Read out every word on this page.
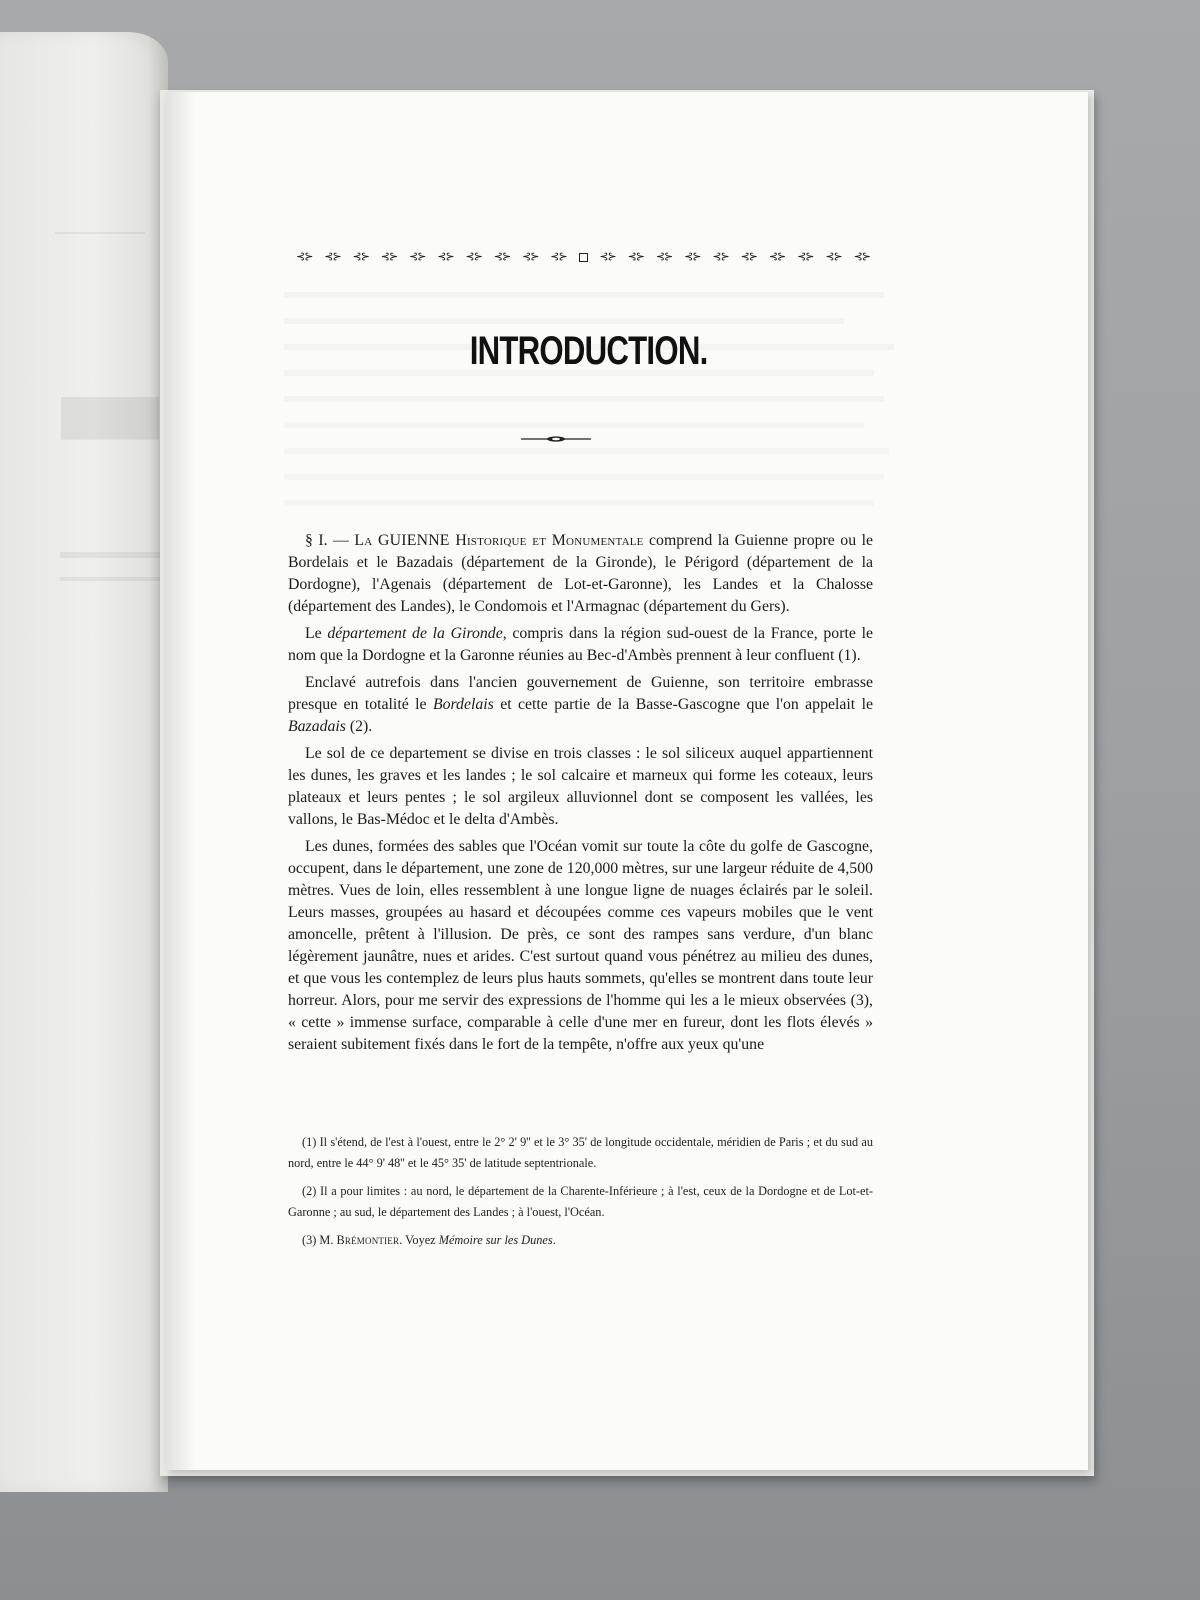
▇▇▇
⊰⊱ ⊰⊱ ⊰⊱ ⊰⊱ ⊰⊱ ⊰⊱ ⊰⊱ ⊰⊱ ⊰⊱ ⊰⊱	⊰⊱ ⊰⊱ ⊰⊱ ⊰⊱ ⊰⊱ ⊰⊱ ⊰⊱ ⊰⊱ ⊰⊱ ⊰⊱
INTRODUCTION.

§ I. — La GUIENNE Historique et Monumentale comprend la Guienne propre ou le Bordelais et le Bazadais (département de la Gironde), le Périgord (département de la Dordogne), l'Agenais (département de Lot-et-Garonne), les Landes et la Chalosse (département des Landes), le Condomois et l'Armagnac (département du Gers).

Le département de la Gironde, compris dans la région sud-ouest de la France, porte le nom que la Dordogne et la Garonne réunies au Bec-d'Ambès prennent à leur confluent (1).

Enclavé autrefois dans l'ancien gouvernement de Guienne, son territoire embrasse presque en totalité le Bordelais et cette partie de la Basse-Gascogne que l'on appelait le Bazadais (2).

Le sol de ce departement se divise en trois classes : le sol siliceux auquel appartiennent les dunes, les graves et les landes ; le sol calcaire et marneux qui forme les coteaux, leurs plateaux et leurs pentes ; le sol argileux alluvionnel dont se composent les vallées, les vallons, le Bas-Médoc et le delta d'Ambès.

Les dunes, formées des sables que l'Océan vomit sur toute la côte du golfe de Gascogne, occupent, dans le département, une zone de 120,000 mètres, sur une largeur réduite de 4,500 mètres. Vues de loin, elles ressemblent à une longue ligne de nuages éclairés par le soleil. Leurs masses, groupées au hasard et découpées comme ces vapeurs mobiles que le vent amoncelle, prêtent à l'illusion. De près, ce sont des rampes sans verdure, d'un blanc légèrement jaunâtre, nues et arides. C'est surtout quand vous pénétrez au milieu des dunes, et que vous les contemplez de leurs plus hauts sommets, qu'elles se montrent dans toute leur horreur. Alors, pour me servir des expressions de l'homme qui les a le mieux observées (3), « cette » immense surface, comparable à celle d'une mer en fureur, dont les flots élevés » seraient subitement fixés dans le fort de la tempête, n'offre aux yeux qu'une

(1) Il s'étend, de l'est à l'ouest, entre le 2° 2' 9'' et le 3° 35' de longitude occidentale, méridien de Paris ; et du sud au nord, entre le 44° 9' 48'' et le 45° 35' de latitude septentrionale.

(2) Il a pour limites : au nord, le département de la Charente-Inférieure ; à l'est, ceux de la Dordogne et de Lot-et-Garonne ; au sud, le département des Landes ; à l'ouest, l'Océan.

(3) M. Brémontier. Voyez Mémoire sur les Dunes.
